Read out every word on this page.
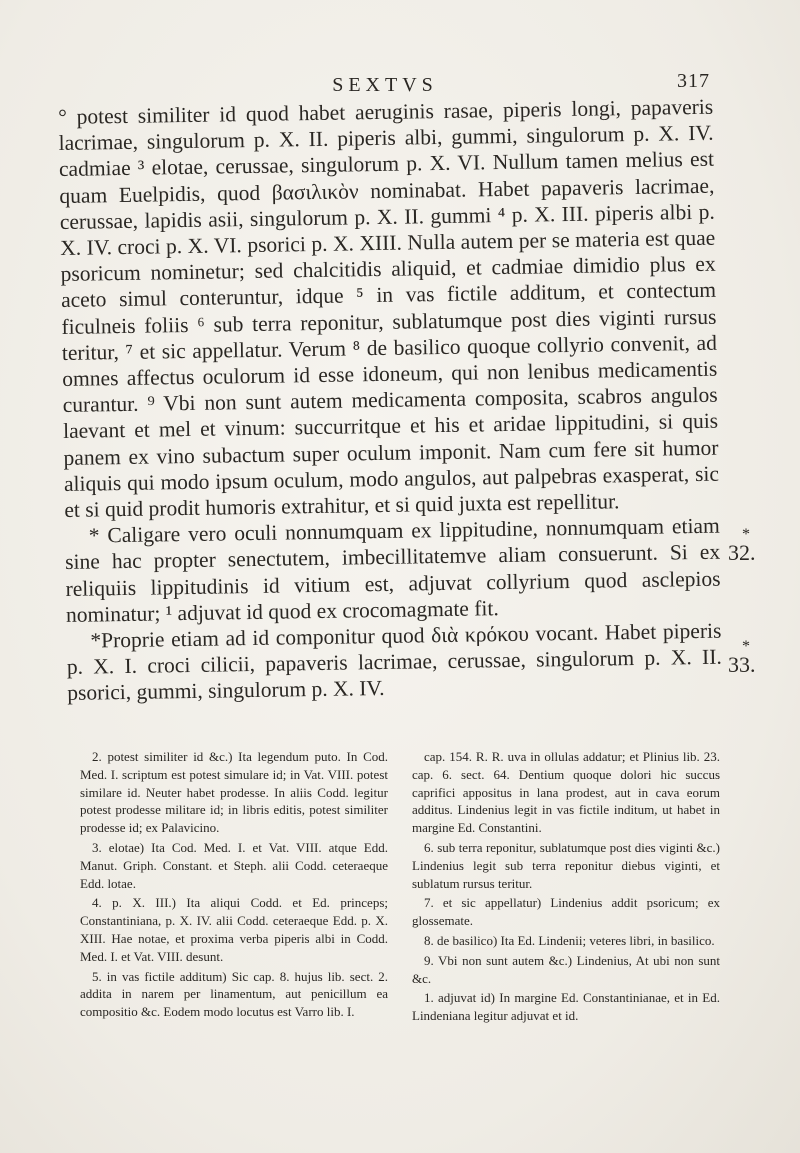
SEXTVS	317

° potest similiter id quod habet aeruginis rasae, piperis longi, papaveris lacrimae, singulorum p. X. II. piperis albi, gummi, singulorum p. X. IV. cadmiae ³ elotae, cerussae, singulorum p. X. VI. Nullum tamen melius est quam Euelpidis, quod βασιλικὸν nominabat. Habet papaveris lacrimae, cerussae, lapidis asii, singulorum p. X. II. gummi ⁴ p. X. III. piperis albi p. X. IV. croci p. X. VI. psorici p. X. XIII. Nulla autem per se materia est quae psoricum nominetur; sed chalcitidis aliquid, et cadmiae dimidio plus ex aceto simul conteruntur, idque ⁵ in vas fictile additum, et contectum ficulneis foliis ⁶ sub terra reponitur, sublatumque post dies viginti rursus teritur, ⁷ et sic appellatur. Verum ⁸ de basilico quoque collyrio convenit, ad omnes affectus oculorum id esse idoneum, qui non lenibus medicamentis curantur. ⁹ Vbi non sunt autem medicamenta composita, scabros angulos laevant et mel et vinum: succurritque et his et aridae lippitudini, si quis panem ex vino subactum super oculum imponit. Nam cum fere sit humor aliquis qui modo ipsum oculum, modo angulos, aut palpebras exasperat, sic et si quid prodit humoris extrahitur, et si quid juxta est repellitur.

* Caligare vero oculi nonnumquam ex lippitudine, nonnumquam etiam sine hac propter senectutem, imbecillitatemve aliam consuerunt. Si ex reliquiis lippitudinis id vitium est, adjuvat collyrium quod asclepios nominatur; ¹ adjuvat id quod ex crocomagmate fit.

*Proprie etiam ad id componitur quod διὰ κρόκου vocant. Habet piperis p. X. I. croci cilicii, papaveris lacrimae, cerussae, singulorum p. X. II. psorici, gummi, singulorum p. X. IV.

*
32.
*
33.

2. potest similiter id &c.) Ita legendum puto. In Cod. Med. I. scriptum est potest simulare id; in Vat. VIII. potest similare id. Neuter habet prodesse. In aliis Codd. legitur potest prodesse militare id; in libris editis, potest similiter prodesse id; ex Palavicino.

3. elotae) Ita Cod. Med. I. et Vat. VIII. atque Edd. Manut. Griph. Constant. et Steph. alii Codd. ceteraeque Edd. lotae.

4. p. X. III.) Ita aliqui Codd. et Ed. princeps; Constantiniana, p. X. IV. alii Codd. ceteraeque Edd. p. X. XIII. Hae notae, et proxima verba piperis albi in Codd. Med. I. et Vat. VIII. desunt.

5. in vas fictile additum) Sic cap. 8. hujus lib. sect. 2. addita in narem per linamentum, aut penicillum ea compositio &c. Eodem modo locutus est Varro lib. I.

cap. 154. R. R. uva in ollulas addatur; et Plinius lib. 23. cap. 6. sect. 64. Dentium quoque dolori hic succus caprifici appositus in lana prodest, aut in cava eorum additus. Lindenius legit in vas fictile inditum, ut habet in margine Ed. Constantini.

6. sub terra reponitur, sublatumque post dies viginti &c.) Lindenius legit sub terra reponitur diebus viginti, et sublatum rursus teritur.

7. et sic appellatur) Lindenius addit psoricum; ex glossemate.

8. de basilico) Ita Ed. Lindenii; veteres libri, in basilico.

9. Vbi non sunt autem &c.) Lindenius, At ubi non sunt &c.

1. adjuvat id) In margine Ed. Constantinianae, et in Ed. Lindeniana legitur adjuvat et id.
